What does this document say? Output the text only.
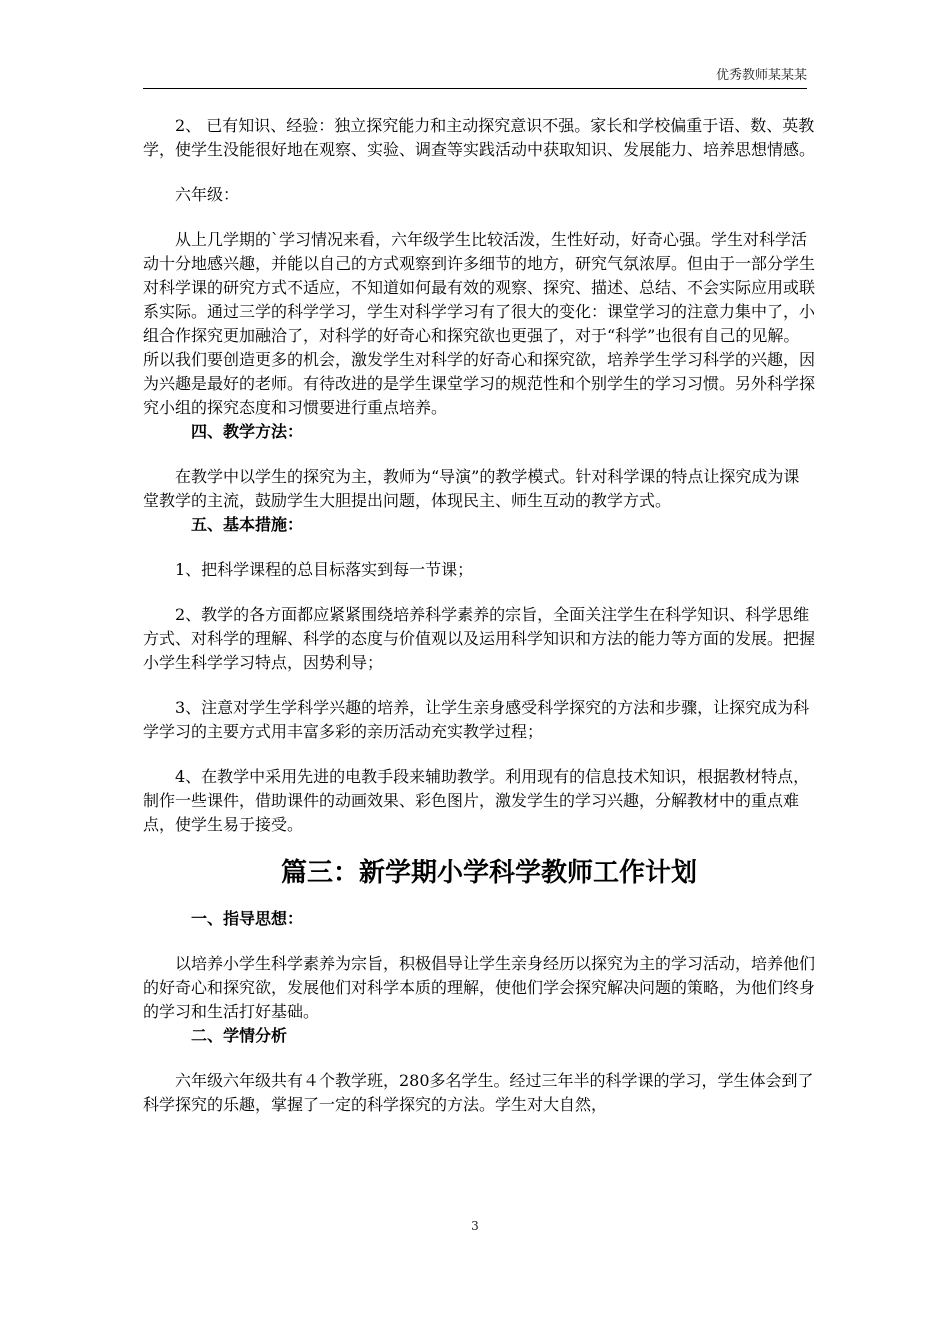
优秀教师某某某

2、 已有知识、经验：独立探究能力和主动探究意识不强。家长和学校偏重于语、数、英教学，使学生没能很好地在观察、实验、调查等实践活动中获取知识、发展能力、培养思想情感。

六年级：

从上几学期的`学习情况来看，六年级学生比较活泼，生性好动，好奇心强。学生对科学活动十分地感兴趣，并能以自己的方式观察到许多细节的地方，研究气氛浓厚。但由于一部分学生对科学课的研究方式不适应，不知道如何最有效的观察、探究、描述、总结、不会实际应用或联系实际。通过三学的科学学习，学生对科学学习有了很大的变化：课堂学习的注意力集中了，小组合作探究更加融洽了，对科学的好奇心和探究欲也更强了，对于“科学”也很有自己的见解。所以我们要创造更多的机会，激发学生对科学的好奇心和探究欲，培养学生学习科学的兴趣，因为兴趣是最好的老师。有待改进的是学生课堂学习的规范性和个别学生的学习习惯。另外科学探究小组的探究态度和习惯要进行重点培养。

四、教学方法：

在教学中以学生的探究为主，教师为“导演”的教学模式。针对科学课的特点让探究成为课堂教学的主流，鼓励学生大胆提出问题，体现民主、师生互动的教学方式。

五、基本措施：

1、把科学课程的总目标落实到每一节课；

2、教学的各方面都应紧紧围绕培养科学素养的宗旨，全面关注学生在科学知识、科学思维方式、对科学的理解、科学的态度与价值观以及运用科学知识和方法的能力等方面的发展。把握小学生科学学习特点，因势利导；

3、注意对学生学科学兴趣的培养，让学生亲身感受科学探究的方法和步骤，让探究成为科学学习的主要方式用丰富多彩的亲历活动充实教学过程；

4、在教学中采用先进的电教手段来辅助教学。利用现有的信息技术知识，根据教材特点，制作一些课件，借助课件的动画效果、彩色图片，激发学生的学习兴趣，分解教材中的重点难点，使学生易于接受。

篇三：新学期小学科学教师工作计划
一、指导思想：

以培养小学生科学素养为宗旨，积极倡导让学生亲身经历以探究为主的学习活动，培养他们的好奇心和探究欲，发展他们对科学本质的理解，使他们学会探究解决问题的策略，为他们终身的学习和生活打好基础。

二、学情分析

六年级六年级共有４个教学班，280多名学生。经过三年半的科学课的学习，学生体会到了科学探究的乐趣，掌握了一定的科学探究的方法。学生对大自然，

3
